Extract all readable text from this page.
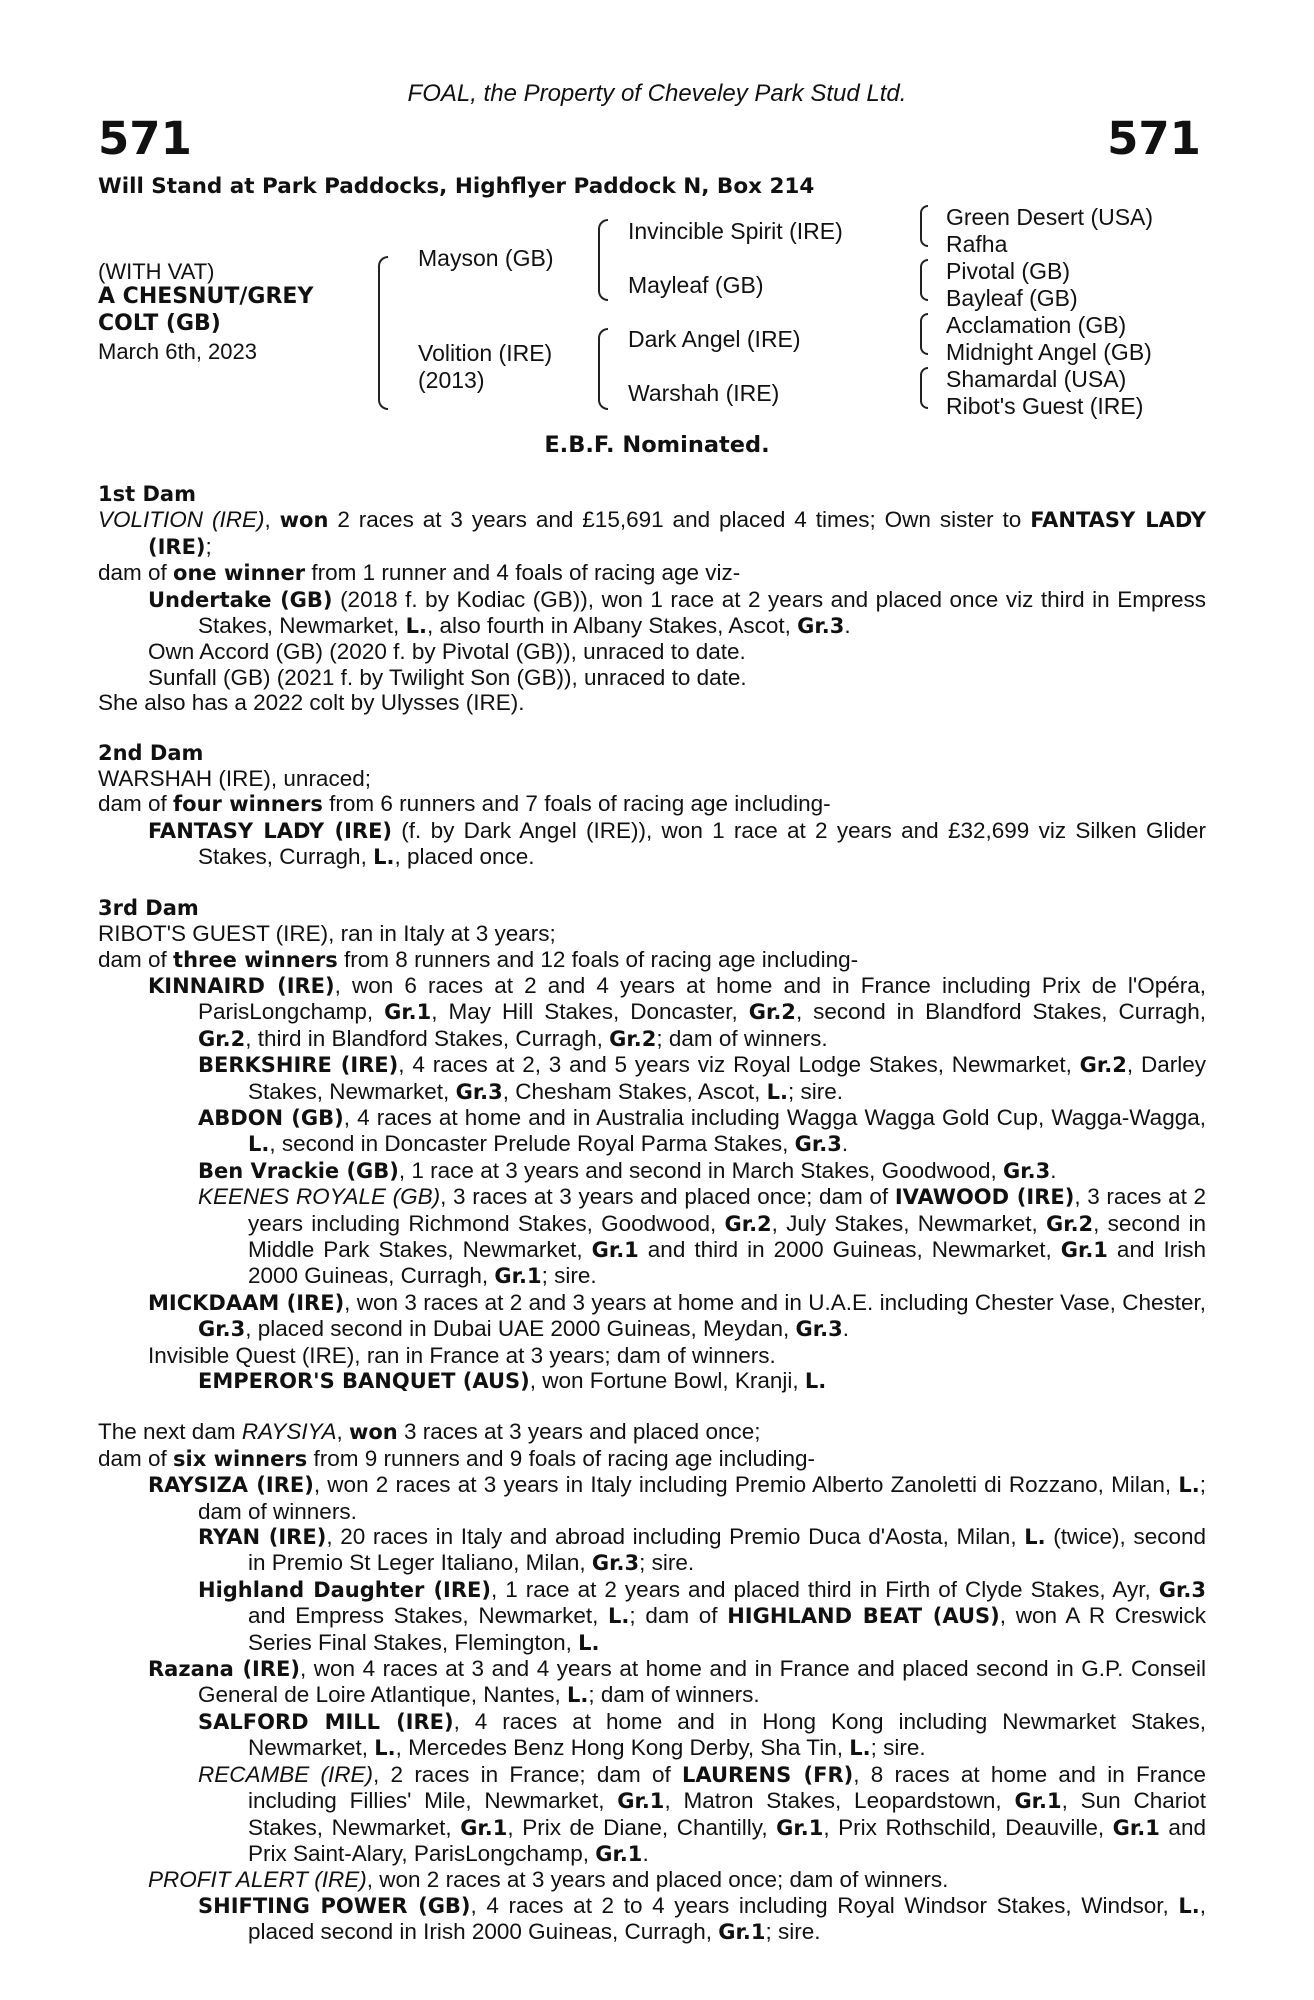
FOAL, the Property of Cheveley Park Stud Ltd.
571	571
Will Stand at Park Paddocks, Highflyer Paddock N, Box 214
(WITH VAT)
A CHESNUT/GREY
COLT (GB)
March 6th, 2023
Mayson (GB)
Volition (IRE)
(2013)
Invincible Spirit (IRE)
Mayleaf (GB)
Dark Angel (IRE)
Warshah (IRE)
Green Desert (USA)
Rafha
Pivotal (GB)
Bayleaf (GB)
Acclamation (GB)
Midnight Angel (GB)
Shamardal (USA)
Ribot's Guest (IRE)
E.B.F. Nominated.
1st Dam
VOLITION (IRE), won 2 races at 3 years and £15,691 and placed 4 times; Own sister to FANTASY LADY (IRE);
dam of one winner from 1 runner and 4 foals of racing age viz-
Undertake (GB) (2018 f. by Kodiac (GB)), won 1 race at 2 years and placed once viz third in Empress Stakes, Newmarket, L., also fourth in Albany Stakes, Ascot, Gr.3.
Own Accord (GB) (2020 f. by Pivotal (GB)), unraced to date.
Sunfall (GB) (2021 f. by Twilight Son (GB)), unraced to date.
She also has a 2022 colt by Ulysses (IRE).
2nd Dam
WARSHAH (IRE), unraced;
dam of four winners from 6 runners and 7 foals of racing age including-
FANTASY LADY (IRE) (f. by Dark Angel (IRE)), won 1 race at 2 years and £32,699 viz Silken Glider Stakes, Curragh, L., placed once.
3rd Dam
RIBOT'S GUEST (IRE), ran in Italy at 3 years;
dam of three winners from 8 runners and 12 foals of racing age including-
KINNAIRD (IRE), won 6 races at 2 and 4 years at home and in France including Prix de l'Opéra, ParisLongchamp, Gr.1, May Hill Stakes, Doncaster, Gr.2, second in Blandford Stakes, Curragh, Gr.2, third in Blandford Stakes, Curragh, Gr.2; dam of winners.
BERKSHIRE (IRE), 4 races at 2, 3 and 5 years viz Royal Lodge Stakes, Newmarket, Gr.2, Darley Stakes, Newmarket, Gr.3, Chesham Stakes, Ascot, L.; sire.
ABDON (GB), 4 races at home and in Australia including Wagga Wagga Gold Cup, Wagga-Wagga, L., second in Doncaster Prelude Royal Parma Stakes, Gr.3.
Ben Vrackie (GB), 1 race at 3 years and second in March Stakes, Goodwood, Gr.3.
KEENES ROYALE (GB), 3 races at 3 years and placed once; dam of IVAWOOD (IRE), 3 races at 2 years including Richmond Stakes, Goodwood, Gr.2, July Stakes, Newmarket, Gr.2, second in Middle Park Stakes, Newmarket, Gr.1 and third in 2000 Guineas, Newmarket, Gr.1 and Irish 2000 Guineas, Curragh, Gr.1; sire.
MICKDAAM (IRE), won 3 races at 2 and 3 years at home and in U.A.E. including Chester Vase, Chester, Gr.3, placed second in Dubai UAE 2000 Guineas, Meydan, Gr.3.
Invisible Quest (IRE), ran in France at 3 years; dam of winners.
EMPEROR'S BANQUET (AUS), won Fortune Bowl, Kranji, L.
The next dam RAYSIYA, won 3 races at 3 years and placed once;
dam of six winners from 9 runners and 9 foals of racing age including-
RAYSIZA (IRE), won 2 races at 3 years in Italy including Premio Alberto Zanoletti di Rozzano, Milan, L.; dam of winners.
RYAN (IRE), 20 races in Italy and abroad including Premio Duca d'Aosta, Milan, L. (twice), second in Premio St Leger Italiano, Milan, Gr.3; sire.
Highland Daughter (IRE), 1 race at 2 years and placed third in Firth of Clyde Stakes, Ayr, Gr.3 and Empress Stakes, Newmarket, L.; dam of HIGHLAND BEAT (AUS), won A R Creswick Series Final Stakes, Flemington, L.
Razana (IRE), won 4 races at 3 and 4 years at home and in France and placed second in G.P. Conseil General de Loire Atlantique, Nantes, L.; dam of winners.
SALFORD MILL (IRE), 4 races at home and in Hong Kong including Newmarket Stakes, Newmarket, L., Mercedes Benz Hong Kong Derby, Sha Tin, L.; sire.
RECAMBE (IRE), 2 races in France; dam of LAURENS (FR), 8 races at home and in France including Fillies' Mile, Newmarket, Gr.1, Matron Stakes, Leopardstown, Gr.1, Sun Chariot Stakes, Newmarket, Gr.1, Prix de Diane, Chantilly, Gr.1, Prix Rothschild, Deauville, Gr.1 and Prix Saint-Alary, ParisLongchamp, Gr.1.
PROFIT ALERT (IRE), won 2 races at 3 years and placed once; dam of winners.
SHIFTING POWER (GB), 4 races at 2 to 4 years including Royal Windsor Stakes, Windsor, L., placed second in Irish 2000 Guineas, Curragh, Gr.1; sire.
